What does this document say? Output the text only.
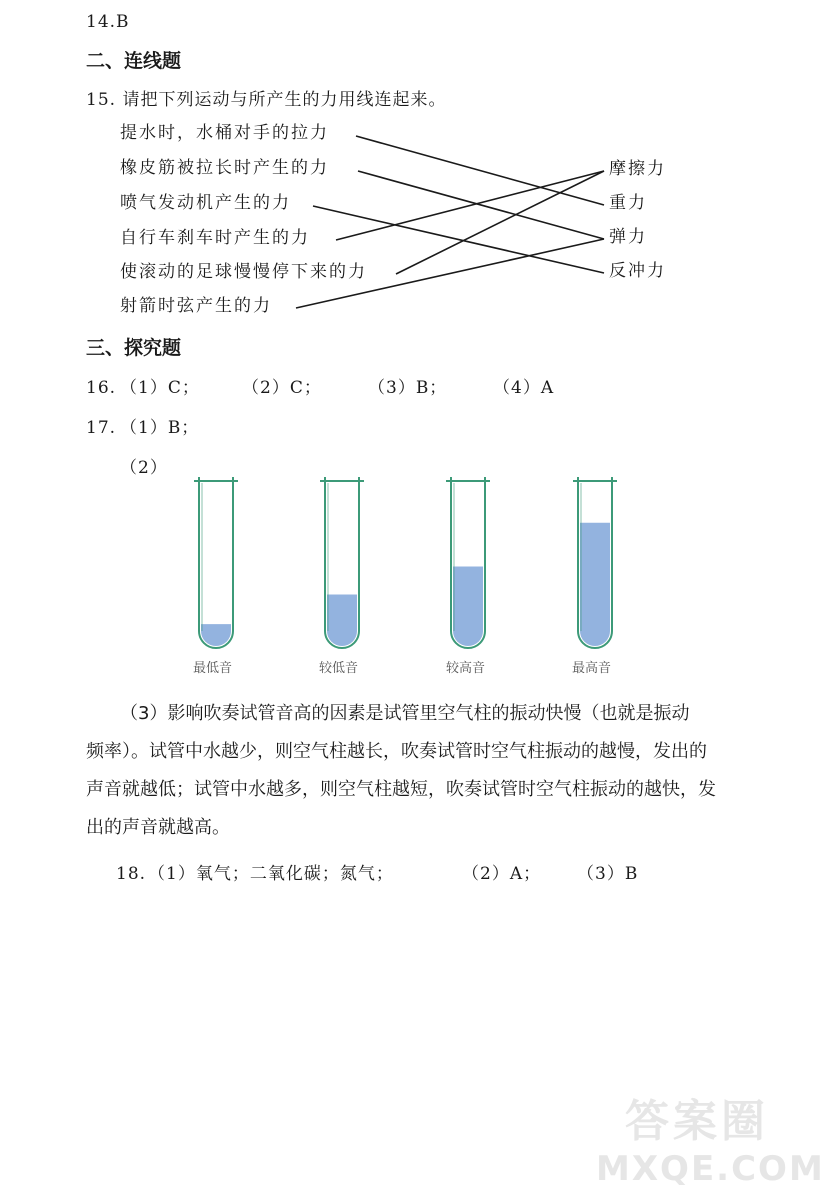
14.B
二、连线题
15. 请把下列运动与所产生的力用线连起来。
提水时，水桶对手的拉力
橡皮筋被拉长时产生的力
喷气发动机产生的力
自行车刹车时产生的力
使滚动的足球慢慢停下来的力
射箭时弦产生的力
摩擦力
重力
弹力
反冲力
三、探究题
16. （1）C； （2）C；	（3）B；	（4）A
17. （1）B；
（2）
最低音	较低音	较高音	最高音
（3）影响吹奏试管音高的因素是试管里空气柱的振动快慢（也就是振动
频率）。试管中水越少，则空气柱越长，吹奏试管时空气柱振动的越慢，发出的
声音就越低；试管中水越多，则空气柱越短，吹奏试管时空气柱振动的越快，发
出的声音就越高。
18. （1）氧气；二氧化碳；氮气；	（2）A； （3）B
答案圈
MXQE.COM
